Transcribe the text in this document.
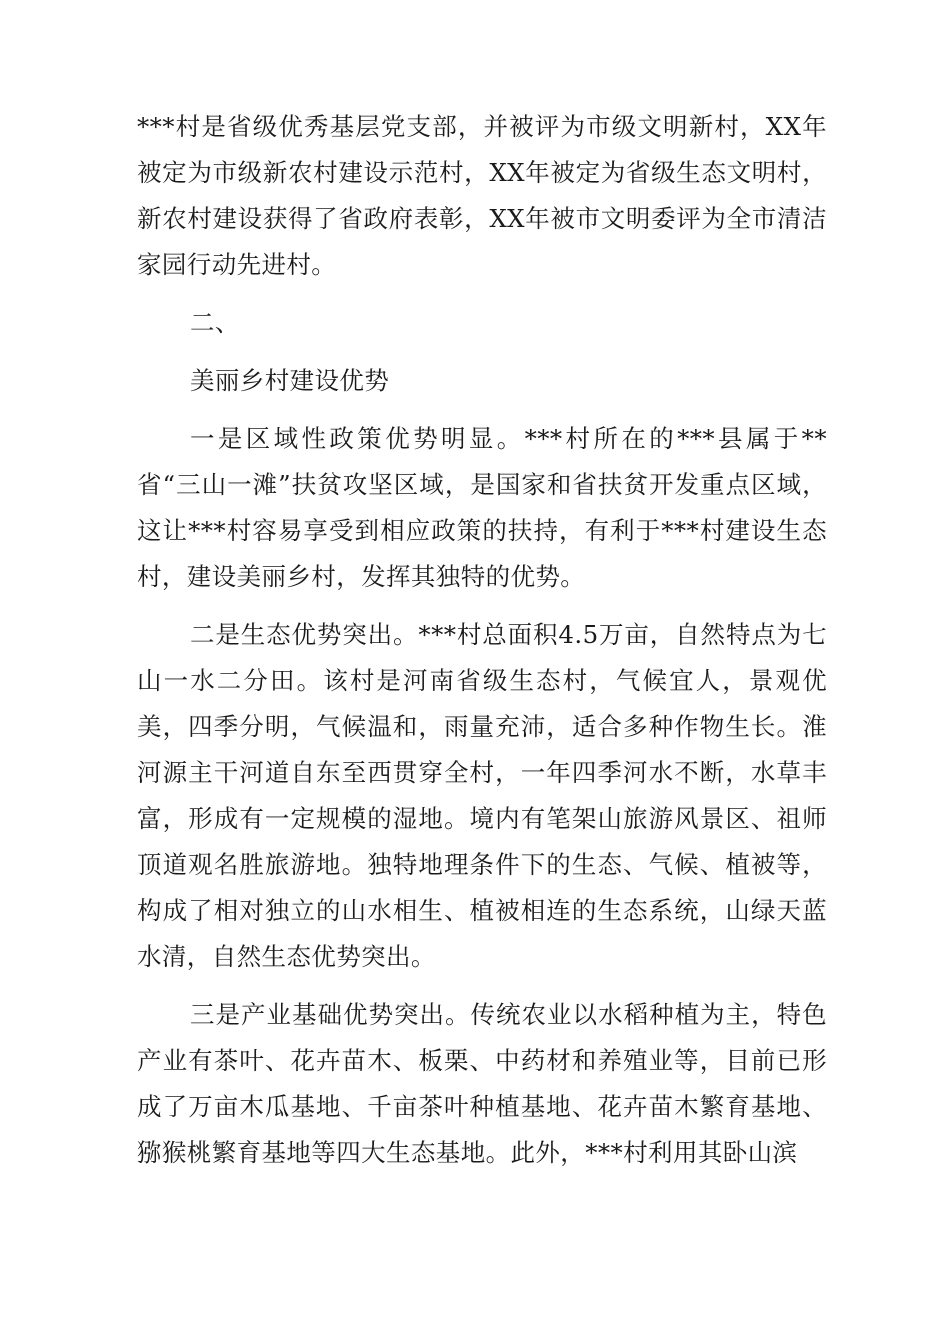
***村是省级优秀基层党支部，并被评为市级文明新村，XX年被定为市级新农村建设示范村，XX年被定为省级生态文明村，新农村建设获得了省政府表彰，XX年被市文明委评为全市清洁家园行动先进村。

二、

美丽乡村建设优势

一是区域性政策优势明显。***村所在的***县属于**省“三山一滩”扶贫攻坚区域，是国家和省扶贫开发重点区域，这让***村容易享受到相应政策的扶持，有利于***村建设生态村，建设美丽乡村，发挥其独特的优势。

二是生态优势突出。***村总面积4.5万亩，自然特点为七山一水二分田。该村是河南省级生态村，气候宜人，景观优美，四季分明，气候温和，雨量充沛，适合多种作物生长。淮河源主干河道自东至西贯穿全村，一年四季河水不断，水草丰富，形成有一定规模的湿地。境内有笔架山旅游风景区、祖师顶道观名胜旅游地。独特地理条件下的生态、气候、植被等，构成了相对独立的山水相生、植被相连的生态系统，山绿天蓝水清，自然生态优势突出。

三是产业基础优势突出。传统农业以水稻种植为主，特色产业有茶叶、花卉苗木、板栗、中药材和养殖业等，目前已形成了万亩木瓜基地、千亩茶叶种植基地、花卉苗木繁育基地、猕猴桃繁育基地等四大生态基地。此外，***村利用其卧山滨
